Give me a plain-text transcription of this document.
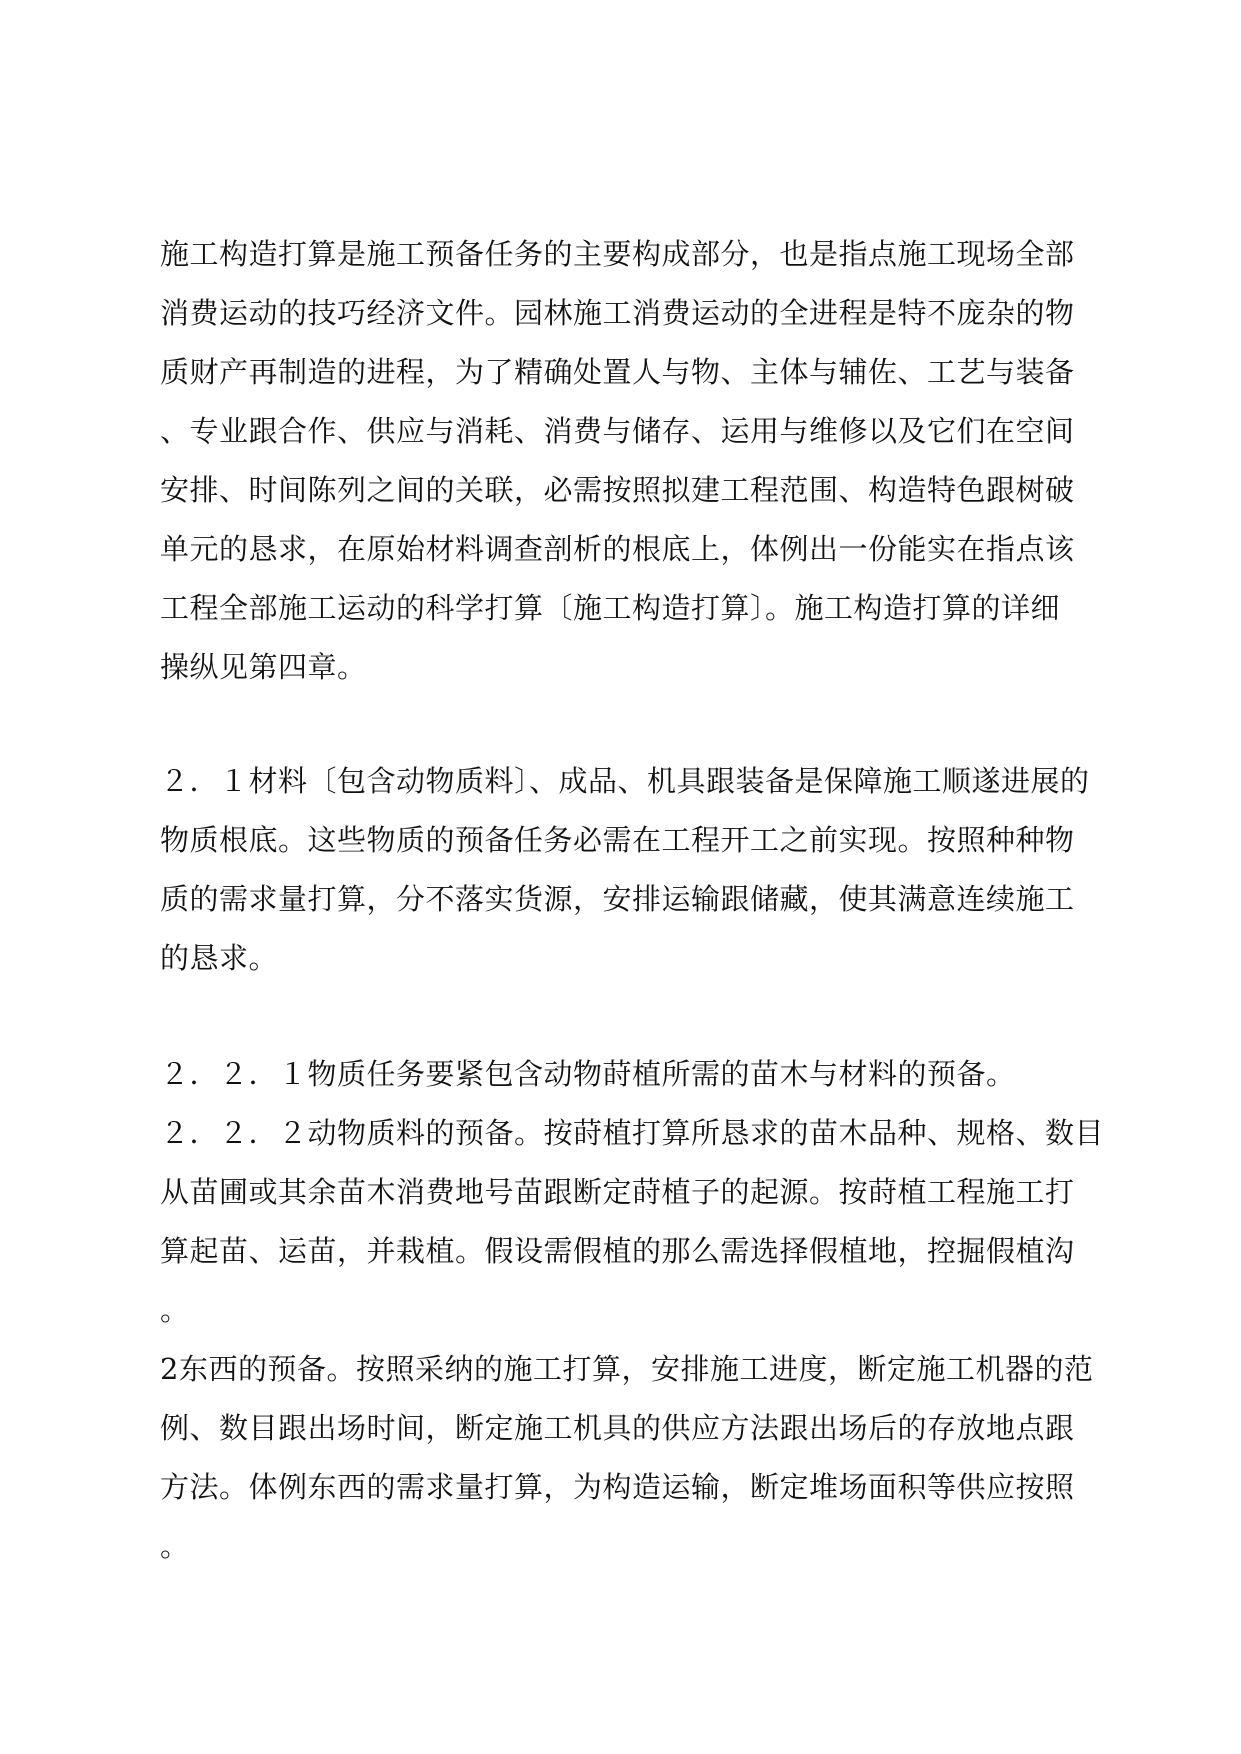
施工构造打算是施工预备任务的主要构成部分，也是指点施工现场全部
消费运动的技巧经济文件。园林施工消费运动的全进程是特不庞杂的物
质财产再制造的进程，为了精确处置人与物、主体与辅佐、工艺与装备
、专业跟合作、供应与消耗、消费与储存、运用与维修以及它们在空间
安排、时间陈列之间的关联，必需按照拟建工程范围、构造特色跟树破
单元的恳求，在原始材料调查剖析的根底上，体例出一份能实在指点该
工程全部施工运动的科学打算〔施工构造打算〕。施工构造打算的详细
操纵见第四章。
２．１材料〔包含动物质料〕、成品、机具跟装备是保障施工顺遂进展的
物质根底。这些物质的预备任务必需在工程开工之前实现。按照种种物
质的需求量打算，分不落实货源，安排运输跟储藏，使其满意连续施工
的恳求。
２．２．１物质任务要紧包含动物莳植所需的苗木与材料的预备。
２．２．２动物质料的预备。按莳植打算所恳求的苗木品种、规格、数目
从苗圃或其余苗木消费地号苗跟断定莳植子的起源。按莳植工程施工打
算起苗、运苗，并栽植。假设需假植的那么需选择假植地，控掘假植沟
。
2东西的预备。按照采纳的施工打算，安排施工进度，断定施工机器的范
例、数目跟出场时间，断定施工机具的供应方法跟出场后的存放地点跟
方法。体例东西的需求量打算，为构造运输，断定堆场面积等供应按照
。
